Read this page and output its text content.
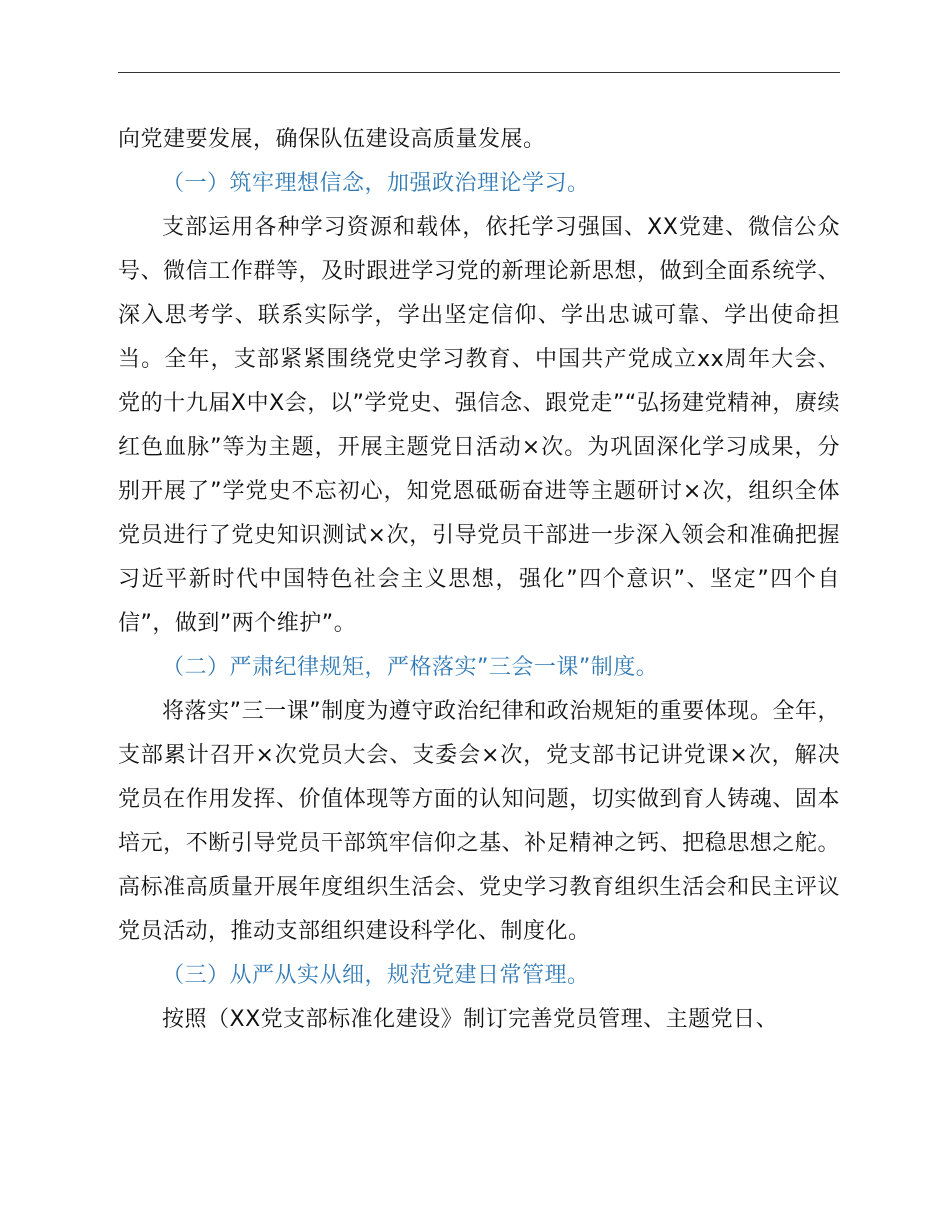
向党建要发展，确保队伍建设高质量发展。

（一）筑牢理想信念，加强政治理论学习。

支部运用各种学习资源和载体，依托学习强国、XX党建、微信公众号、微信工作群等，及时跟进学习党的新理论新思想，做到全面系统学、深入思考学、联系实际学，学出坚定信仰、学出忠诚可靠、学出使命担当。全年，支部紧紧围绕党史学习教育、中国共产党成立xx周年大会、党的十九届X中X会，以”学党史、强信念、跟党走”“弘扬建党精神，赓续红色血脉”等为主题，开展主题党日活动×次。为巩固深化学习成果，分别开展了”学党史不忘初心，知党恩砥砺奋进等主题研讨×次，组织全体党员进行了党史知识测试×次，引导党员干部进一步深入领会和准确把握习近平新时代中国特色社会主义思想，强化”四个意识”、坚定”四个自信”，做到”两个维护”。

（二）严肃纪律规矩，严格落实”三会一课”制度。

将落实”三一课”制度为遵守政治纪律和政治规矩的重要体现。全年，支部累计召开×次党员大会、支委会×次，党支部书记讲党课×次，解决党员在作用发挥、价值体现等方面的认知问题，切实做到育人铸魂、固本培元，不断引导党员干部筑牢信仰之基、补足精神之钙、把稳思想之舵。高标准高质量开展年度组织生活会、党史学习教育组织生活会和民主评议党员活动，推动支部组织建设科学化、制度化。

（三）从严从实从细，规范党建日常管理。

按照（XX党支部标准化建设》制订完善党员管理、主题党日、
